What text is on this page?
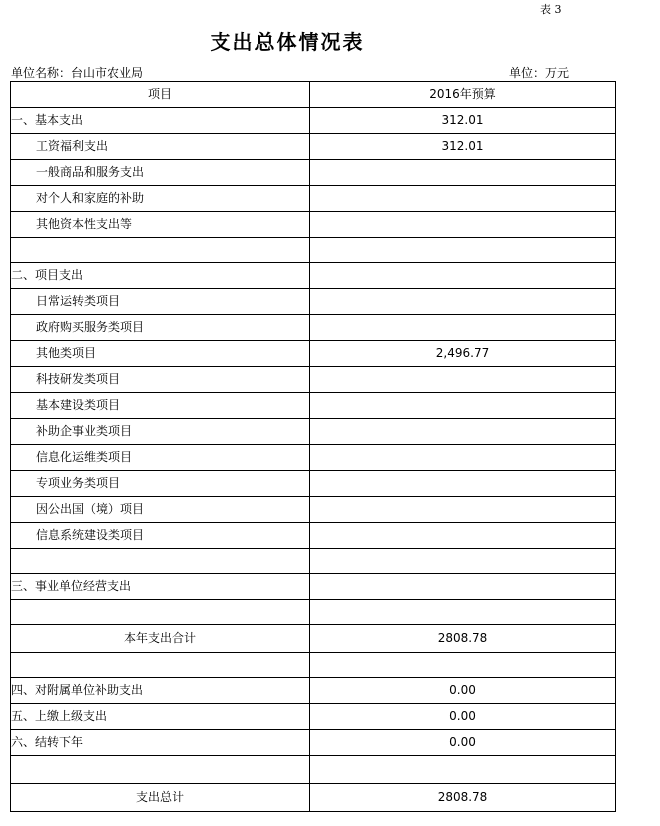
表 3
支出总体情况表
单位名称：台山市农业局	单位：万元
项目	2016年预算
一、基本支出	312.01
工资福利支出	312.01
一般商品和服务支出	
对个人和家庭的补助	
其他资本性支出等	

二、项目支出	
日常运转类项目	
政府购买服务类项目	
其他类项目	2,496.77
科技研发类项目	
基本建设类项目	
补助企事业类项目	
信息化运维类项目	
专项业务类项目	
因公出国（境）项目	
信息系统建设类项目	

三、事业单位经营支出	

本年支出合计	2808.78

四、对附属单位补助支出	0.00
五、上缴上级支出	0.00
六、结转下年	0.00

支出总计	2808.78
